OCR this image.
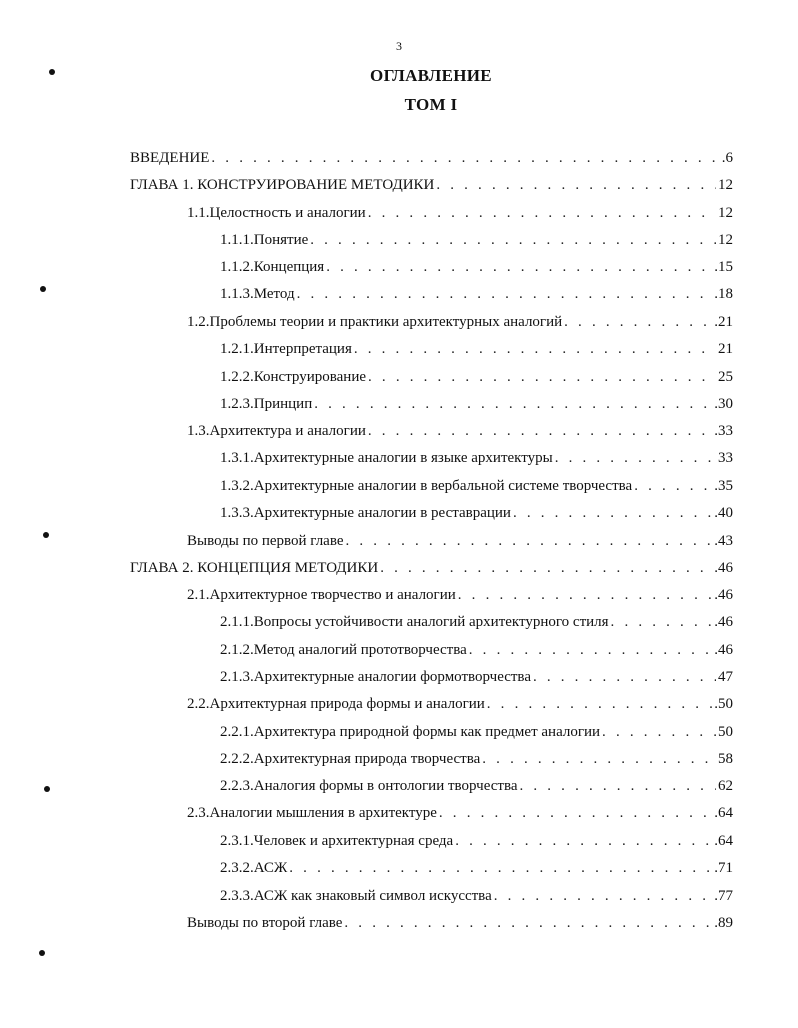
3
ОГЛАВЛЕНИЕ
ТОМ I
ВВЕДЕНИЕ . . .	.6
ГЛАВА 1. КОНСТРУИРОВАНИЕ МЕТОДИКИ . . .	12
1.1. Целостность и аналогии . . .	12
1.1.1. Понятие . . .	12
1.1.2. Концепция . . .	.15
1.1.3. Метод . . .	.18
1.2. Проблемы теории и практики архитектурных аналогий . . .	.21
1.2.1. Интерпретация . . .	21
1.2.2. Конструирование . . .	25
1.2.3. Принцип . . .	.30
1.3. Архитектура и аналогии . . .	.33
1.3.1. Архитектурные аналогии в языке архитектуры . . .	33
1.3.2. Архитектурные аналогии в вербальной системе творчества . . .	.35
1.3.3. Архитектурные аналогии в реставрации . . .	.40
Выводы по первой главе . . .	.43
ГЛАВА 2. КОНЦЕПЦИЯ МЕТОДИКИ . . .	.46
2.1. Архитектурное творчество и аналогии . . .	.46
2.1.1. Вопросы устойчивости аналогий архитектурного стиля . . .	.46
2.1.2. Метод аналогий прототворчества . . .	.46
2.1.3. Архитектурные аналогии формотворчества . . .	47
2.2. Архитектурная природа формы и аналогии . . .	.50
2.2.1. Архитектура природной формы как предмет аналогии . . .	50
2.2.2. Архитектурная природа творчества . . .	58
2.2.3. Аналогия формы в онтологии творчества . . .	62
2.3. Аналогии мышления в архитектуре . . .	.64
2.3.1. Человек и архитектурная среда . . .	.64
2.3.2. АСЖ . . .	.71
2.3.3. АСЖ как знаковый символ искусства . . .	.77
Выводы по второй главе . . .	.89
